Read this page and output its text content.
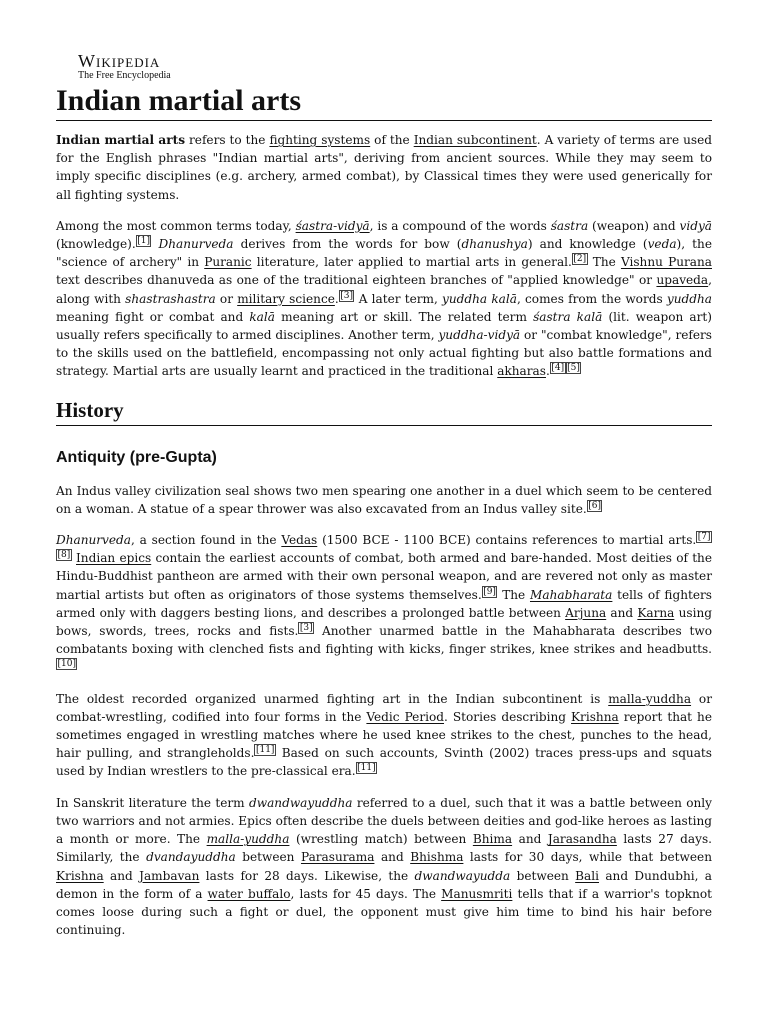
Wikipedia
The Free Encyclopedia
Indian martial arts

Indian martial arts refers to the fighting systems of the Indian subcontinent. A variety of terms are used for the English phrases "Indian martial arts", deriving from ancient sources. While they may seem to imply specific disciplines (e.g. archery, armed combat), by Classical times they were used generically for all fighting systems.

Among the most common terms today, śastra-vidyā, is a compound of the words śastra (weapon) and vidyā (knowledge). [1] Dhanurveda derives from the words for bow (dhanushya) and knowledge (veda), the "science of archery" in Puranic literature, later applied to martial arts in general. [2] The Vishnu Purana text describes dhanuveda as one of the traditional eighteen branches of "applied knowledge" or upaveda, along with shastrashastra or military science. [3] A later term, yuddha kalā, comes from the words yuddha meaning fight or combat and kalā meaning art or skill. The related term śastra kalā (lit. weapon art) usually refers specifically to armed disciplines. Another term, yuddha-vidyā or "combat knowledge", refers to the skills used on the battlefield, encompassing not only actual fighting but also battle formations and strategy. Martial arts are usually learnt and practiced in the traditional akharas. [4] [5]

History
Antiquity (pre-Gupta)

An Indus valley civilization seal shows two men spearing one another in a duel which seem to be centered on a woman. A statue of a spear thrower was also excavated from an Indus valley site. [6]

Dhanurveda, a section found in the Vedas (1500 BCE - 1100 BCE) contains references to martial arts. [7][8] Indian epics contain the earliest accounts of combat, both armed and bare-handed. Most deities of the Hindu-Buddhist pantheon are armed with their own personal weapon, and are revered not only as master martial artists but often as originators of those systems themselves. [9] The Mahabharata tells of fighters armed only with daggers besting lions, and describes a prolonged battle between Arjuna and Karna using bows, swords, trees, rocks and fists. [3] Another unarmed battle in the Mahabharata describes two combatants boxing with clenched fists and fighting with kicks, finger strikes, knee strikes and headbutts.[10]

The oldest recorded organized unarmed fighting art in the Indian subcontinent is malla-yuddha or combat-wrestling, codified into four forms in the Vedic Period. Stories describing Krishna report that he sometimes engaged in wrestling matches where he used knee strikes to the chest, punches to the head, hair pulling, and strangleholds. [11] Based on such accounts, Svinth (2002) traces press-ups and squats used by Indian wrestlers to the pre-classical era. [11]

In Sanskrit literature the term dwandwayuddha referred to a duel, such that it was a battle between only two warriors and not armies. Epics often describe the duels between deities and god-like heroes as lasting a month or more. The malla-yuddha (wrestling match) between Bhima and Jarasandha lasts 27 days. Similarly, the dvandayuddha between Parasurama and Bhishma lasts for 30 days, while that between Krishna and Jambavan lasts for 28 days. Likewise, the dwandwayudda between Bali and Dundubhi, a demon in the form of a water buffalo, lasts for 45 days. The Manusmriti tells that if a warrior's topknot comes loose during such a fight or duel, the opponent must give him time to bind his hair before continuing.
